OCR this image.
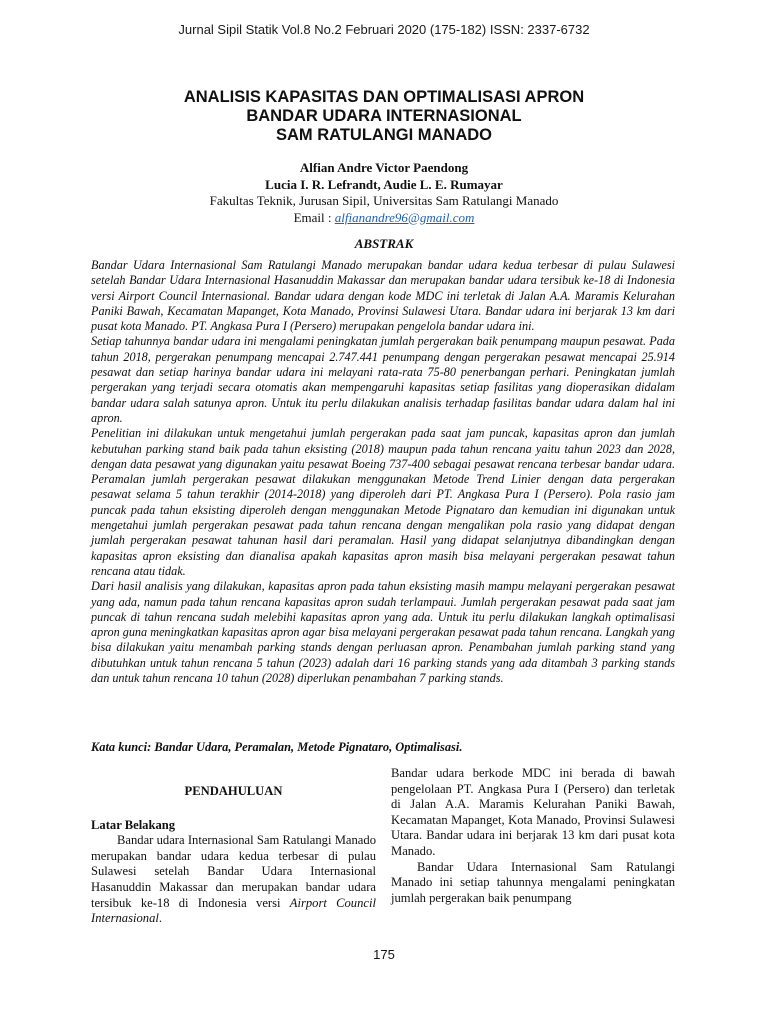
Jurnal Sipil Statik Vol.8 No.2 Februari 2020 (175-182) ISSN: 2337-6732
ANALISIS KAPASITAS DAN OPTIMALISASI APRON
BANDAR UDARA INTERNASIONAL
SAM RATULANGI MANADO
Alfian Andre Victor Paendong
Lucia I. R. Lefrandt, Audie L. E. Rumayar
Fakultas Teknik, Jurusan Sipil, Universitas Sam Ratulangi Manado
Email : alfianandre96@gmail.com
ABSTRAK

Bandar Udara Internasional Sam Ratulangi Manado merupakan bandar udara kedua terbesar di pulau Sulawesi setelah Bandar Udara Internasional Hasanuddin Makassar dan merupakan bandar udara tersibuk ke-18 di Indonesia versi Airport Council Internasional. Bandar udara dengan kode MDC ini terletak di Jalan A.A. Maramis Kelurahan Paniki Bawah, Kecamatan Mapanget, Kota Manado, Provinsi Sulawesi Utara. Bandar udara ini berjarak 13 km dari pusat kota Manado. PT. Angkasa Pura I (Persero) merupakan pengelola bandar udara ini.

Setiap tahunnya bandar udara ini mengalami peningkatan jumlah pergerakan baik penumpang maupun pesawat. Pada tahun 2018, pergerakan penumpang mencapai 2.747.441 penumpang dengan pergerakan pesawat mencapai 25.914 pesawat dan setiap harinya bandar udara ini melayani rata-rata 75-80 penerbangan perhari. Peningkatan jumlah pergerakan yang terjadi secara otomatis akan mempengaruhi kapasitas setiap fasilitas yang dioperasikan didalam bandar udara salah satunya apron. Untuk itu perlu dilakukan analisis terhadap fasilitas bandar udara dalam hal ini apron.

Penelitian ini dilakukan untuk mengetahui jumlah pergerakan pada saat jam puncak, kapasitas apron dan jumlah kebutuhan parking stand baik pada tahun eksisting (2018) maupun pada tahun rencana yaitu tahun 2023 dan 2028, dengan data pesawat yang digunakan yaitu pesawat Boeing 737-400 sebagai pesawat rencana terbesar bandar udara. Peramalan jumlah pergerakan pesawat dilakukan menggunakan Metode Trend Linier dengan data pergerakan pesawat selama 5 tahun terakhir (2014-2018) yang diperoleh dari PT. Angkasa Pura I (Persero). Pola rasio jam puncak pada tahun eksisting diperoleh dengan menggunakan Metode Pignataro dan kemudian ini digunakan untuk mengetahui jumlah pergerakan pesawat pada tahun rencana dengan mengalikan pola rasio yang didapat dengan jumlah pergerakan pesawat tahunan hasil dari peramalan. Hasil yang didapat selanjutnya dibandingkan dengan kapasitas apron eksisting dan dianalisa apakah kapasitas apron masih bisa melayani pergerakan pesawat tahun rencana atau tidak.

Dari hasil analisis yang dilakukan, kapasitas apron pada tahun eksisting masih mampu melayani pergerakan pesawat yang ada, namun pada tahun rencana kapasitas apron sudah terlampaui. Jumlah pergerakan pesawat pada saat jam puncak di tahun rencana sudah melebihi kapasitas apron yang ada. Untuk itu perlu dilakukan langkah optimalisasi apron guna meningkatkan kapasitas apron agar bisa melayani pergerakan pesawat pada tahun rencana. Langkah yang bisa dilakukan yaitu menambah parking stands dengan perluasan apron. Penambahan jumlah parking stand yang dibutuhkan untuk tahun rencana 5 tahun (2023) adalah dari 16 parking stands yang ada ditambah 3 parking stands dan untuk tahun rencana 10 tahun (2028) diperlukan penambahan 7 parking stands.

Kata kunci: Bandar Udara, Peramalan, Metode Pignataro, Optimalisasi.
PENDAHULUAN
Latar Belakang

Bandar udara Internasional Sam Ratulangi Manado merupakan bandar udara kedua terbesar di pulau Sulawesi setelah Bandar Udara Internasional Hasanuddin Makassar dan merupakan bandar udara tersibuk ke-18 di Indonesia versi Airport Council Internasional.

Bandar udara berkode MDC ini berada di bawah pengelolaan PT. Angkasa Pura I (Persero) dan terletak di Jalan A.A. Maramis Kelurahan Paniki Bawah, Kecamatan Mapanget, Kota Manado, Provinsi Sulawesi Utara. Bandar udara ini berjarak 13 km dari pusat kota Manado.

Bandar Udara Internasional Sam Ratulangi Manado ini setiap tahunnya mengalami peningkatan jumlah pergerakan baik penumpang

175
